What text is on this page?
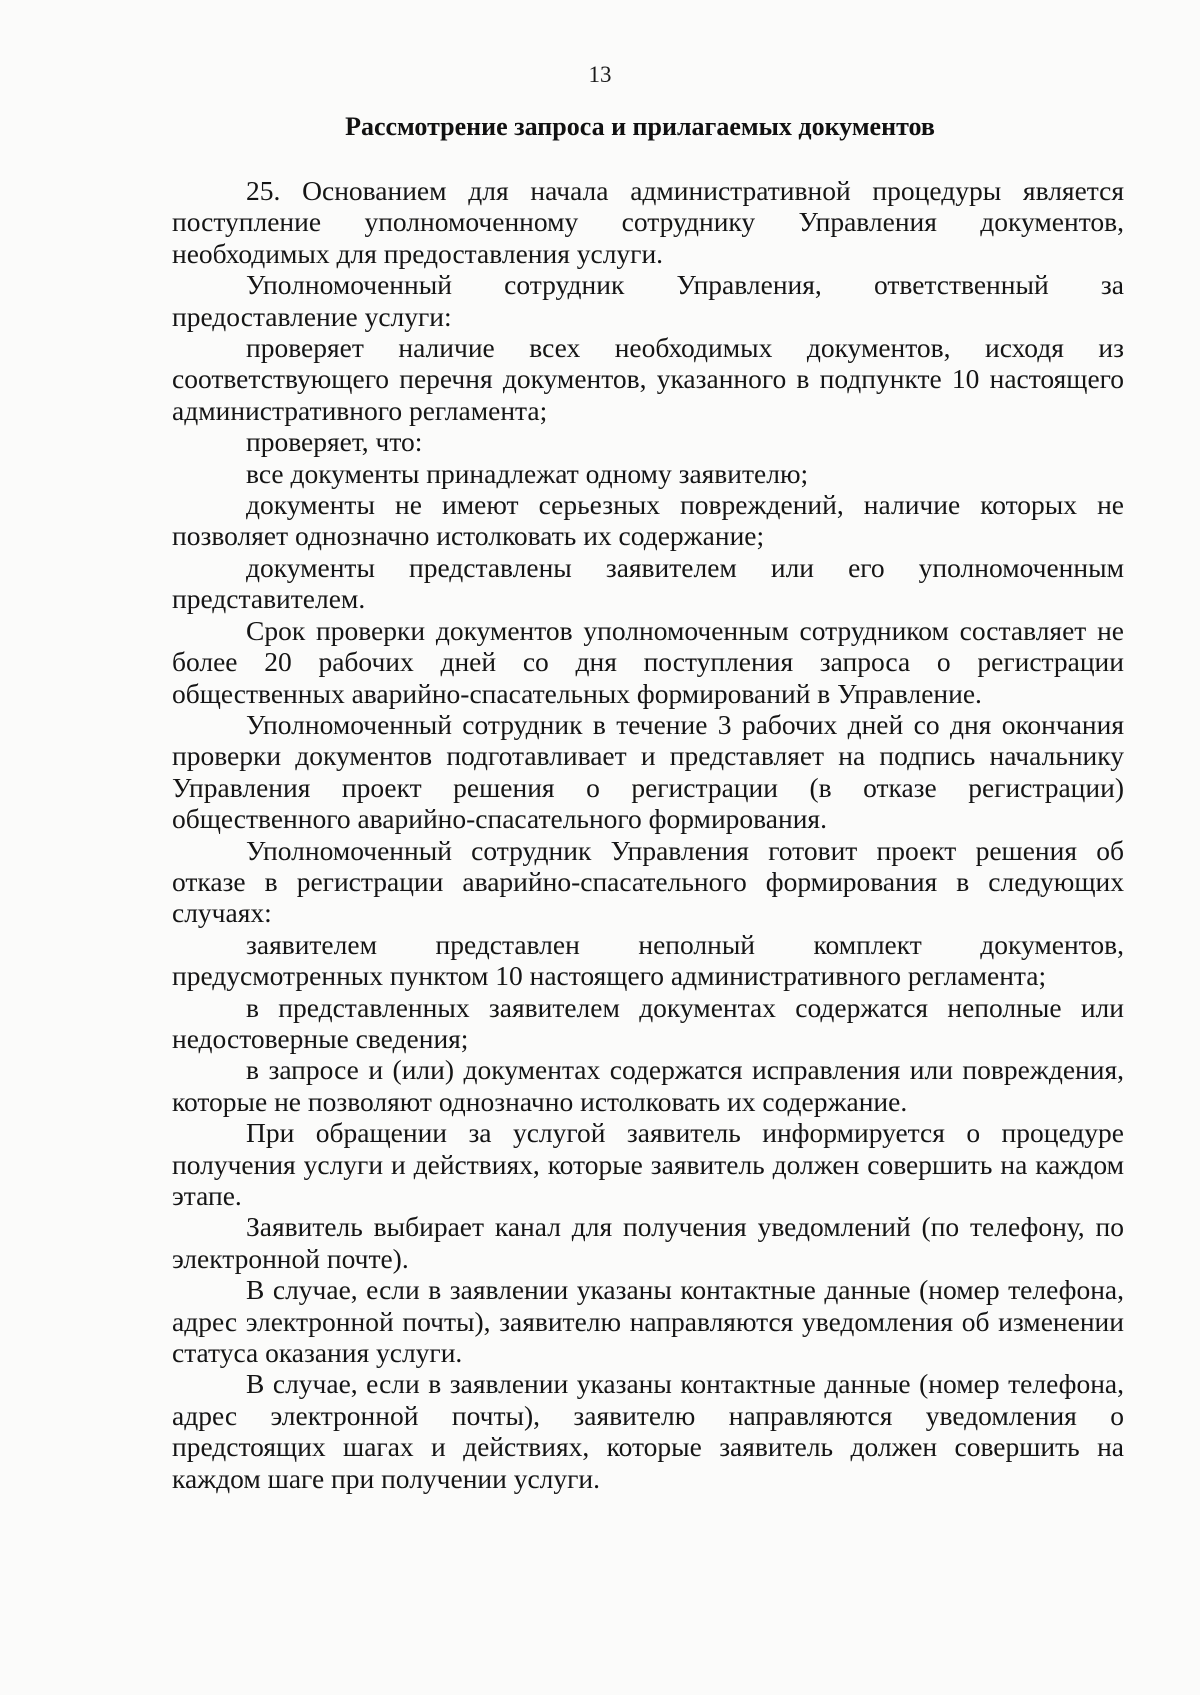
13
Рассмотрение запроса и прилагаемых документов

25. Основанием для начала административной процедуры является поступление уполномоченному сотруднику Управления документов, необходимых для предоставления услуги.

Уполномоченный сотрудник Управления, ответственный за предоставление услуги:

проверяет наличие всех необходимых документов, исходя из соответствующего перечня документов, указанного в подпункте 10 настоящего административного регламента;

проверяет, что:

все документы принадлежат одному заявителю;

документы не имеют серьезных повреждений, наличие которых не позволяет однозначно истолковать их содержание;

документы представлены заявителем или его уполномоченным представителем.

Срок проверки документов уполномоченным сотрудником составляет не более 20 рабочих дней со дня поступления запроса о регистрации общественных аварийно-спасательных формирований в Управление.

Уполномоченный сотрудник в течение 3 рабочих дней со дня окончания проверки документов подготавливает и представляет на подпись начальнику Управления проект решения о регистрации (в отказе регистрации) общественного аварийно-спасательного формирования.

Уполномоченный сотрудник Управления готовит проект решения об отказе в регистрации аварийно-спасательного формирования в следующих случаях:

заявителем представлен неполный комплект документов, предусмотренных пунктом 10 настоящего административного регламента;

в представленных заявителем документах содержатся неполные или недостоверные сведения;

в запросе и (или) документах содержатся исправления или повреждения, которые не позволяют однозначно истолковать их содержание.

При обращении за услугой заявитель информируется о процедуре получения услуги и действиях, которые заявитель должен совершить на каждом этапе.

Заявитель выбирает канал для получения уведомлений (по телефону, по электронной почте).

В случае, если в заявлении указаны контактные данные (номер телефона, адрес электронной почты), заявителю направляются уведомления об изменении статуса оказания услуги.

В случае, если в заявлении указаны контактные данные (номер телефона, адрес электронной почты), заявителю направляются уведомления о предстоящих шагах и действиях, которые заявитель должен совершить на каждом шаге при получении услуги.
